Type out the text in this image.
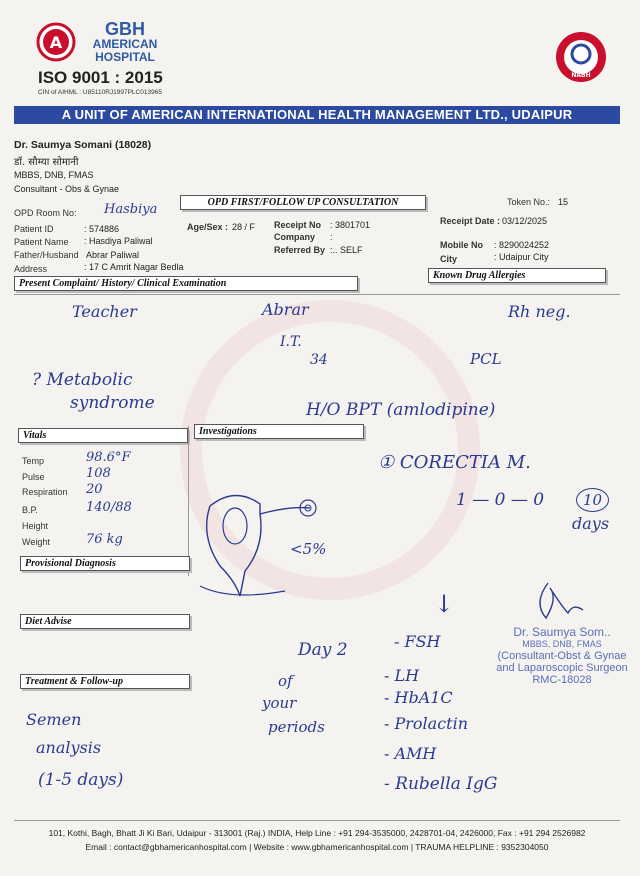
A
GBH
AMERICAN
HOSPITAL
ISO 9001 : 2015
CIN of AIHML : U85110RJ1997PLC013965
NABH
A UNIT OF AMERICAN INTERNATIONAL HEALTH MANAGEMENT LTD., UDAIPUR
Dr. Saumya Somani (18028)
डॉ. सौम्या सोमानी
MBBS, DNB, FMAS
Consultant - Obs & Gynae
OPD Room No: Hasbiya	OPD FIRST/FOLLOW UP CONSULTATION	Token No.: 15
Patient ID	: 574886	Age/Sex : 28 / F Receipt No : 3801701	Receipt Date : 03/12/2025
Patient Name : Hasdiya Paliwal	Company :
Mobile No : 8290024252
Father/Husband Abrar Paliwal	Referred By :.. SELF
City	: Udaipur City
Address	: 17 C Amrit Nagar Bedla
Present Complaint/ History/ Clinical Examination
Known Drug Allergies
Teacher	Abrar	Rh neg.
I.T.
34	PCL
? Metabolic
syndrome	H/O BPT (amlodipine)
Vitals
Temp	98.6°F
Pulse	108
Respiration 20
B.P.	140/88
Height
Weight	76 kg
Investigations
<5%
① CORECTIA M.
1 — 0 — 0	10
days
↓
Provisional Diagnosis
Diet Advise
Treatment & Follow-up
Dr. Saumya Som..
MBBS, DNB, FMAS
(Consultant-Obst & Gynae
and Laparoscopic Surgeon
RMC-18028
Day 2
of
your
periods
- FSH
- LH
- HbA1C
- Prolactin
- AMH
- Rubella IgG
Semen
analysis
(1-5 days)
101, Kothi, Bagh, Bhatt Ji Ki Bari, Udaipur - 313001 (Raj.) INDIA, Help Line : +91 294-3535000, 2428701-04, 2426000, Fax : +91 294 2526982
Email : contact@gbhamericanhospital.com | Website : www.gbhamericanhospital.com | TRAUMA HELPLINE : 9352304050
